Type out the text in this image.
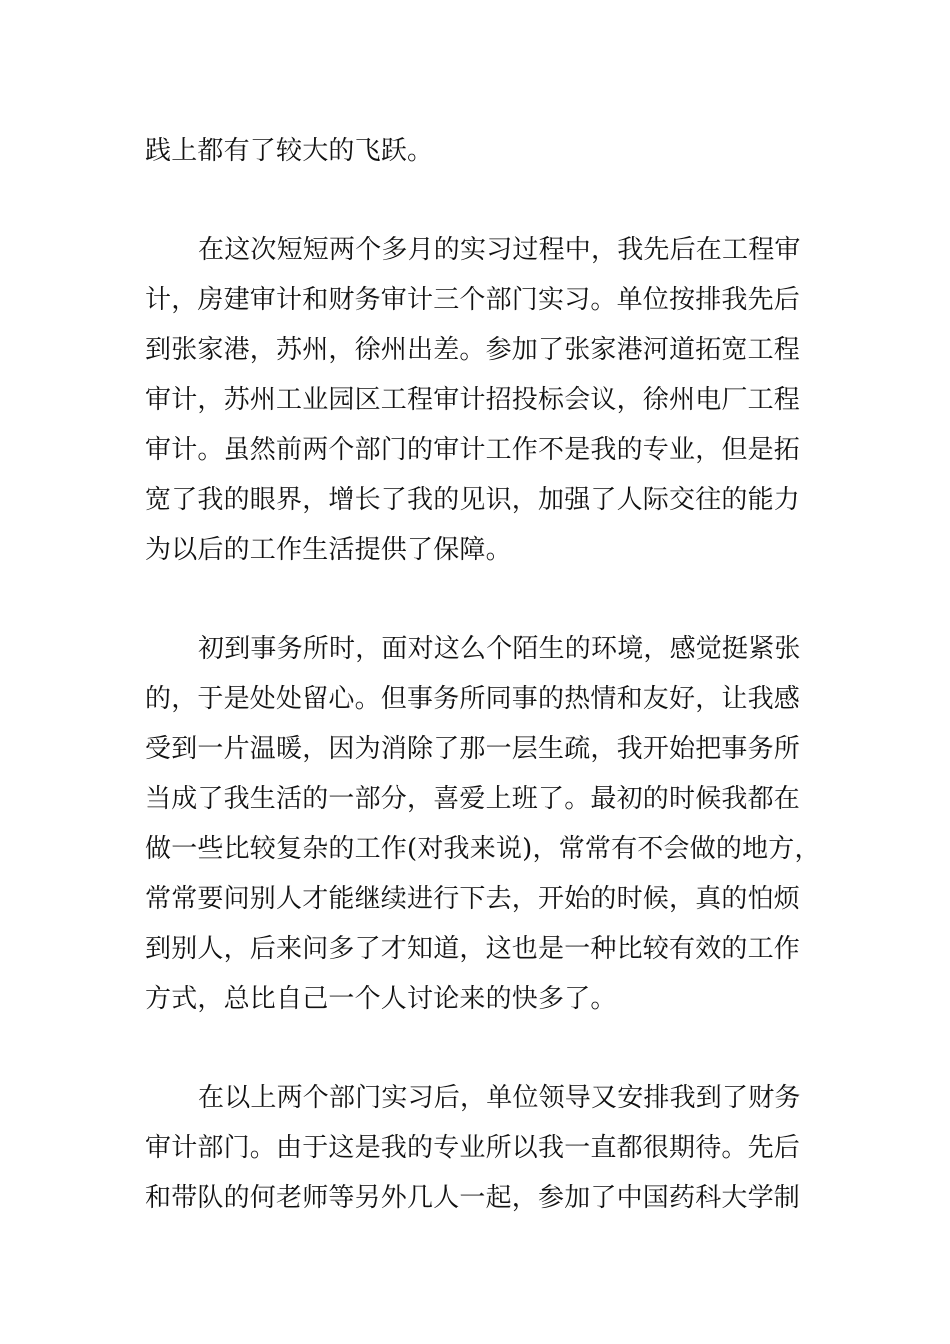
践上都有了较大的飞跃。
在这次短短两个多月的实习过程中，我先后在工程审
计，房建审计和财务审计三个部门实习。单位按排我先后
到张家港，苏州，徐州出差。参加了张家港河道拓宽工程
审计，苏州工业园区工程审计招投标会议，徐州电厂工程
审计。虽然前两个部门的审计工作不是我的专业，但是拓
宽了我的眼界，增长了我的见识，加强了人际交往的能力
为以后的工作生活提供了保障。
初到事务所时，面对这么个陌生的环境，感觉挺紧张
的，于是处处留心。但事务所同事的热情和友好，让我感
受到一片温暖，因为消除了那一层生疏，我开始把事务所
当成了我生活的一部分，喜爱上班了。最初的时候我都在
做一些比较复杂的工作(对我来说)，常常有不会做的地方，
常常要问别人才能继续进行下去，开始的时候，真的怕烦
到别人，后来问多了才知道，这也是一种比较有效的工作
方式，总比自己一个人讨论来的快多了。
在以上两个部门实习后，单位领导又安排我到了财务
审计部门。由于这是我的专业所以我一直都很期待。先后
和带队的何老师等另外几人一起，参加了中国药科大学制
